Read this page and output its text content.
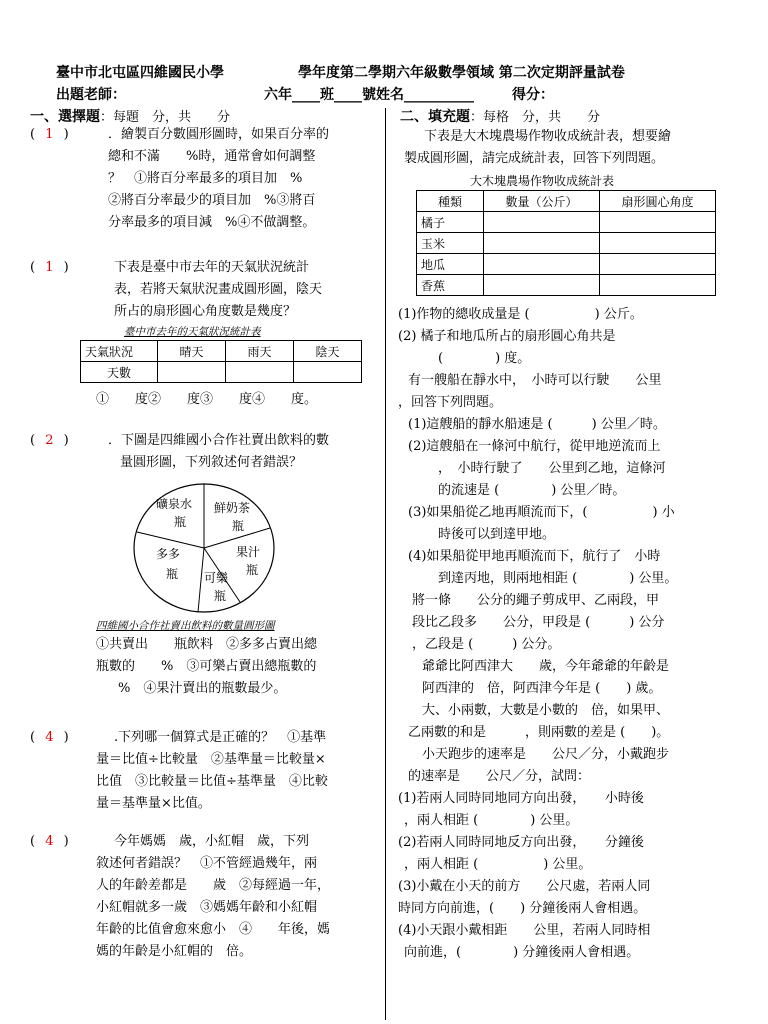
臺中市北屯區四維國民小學	學年度第二學期六年級數學領域 第二次定期評量試卷
出題老師：	六年____班____號姓名__________	得分：
一、選擇題：每題　分，共　　分
( 1 )	．繪製百分數圓形圖時，如果百分率的
總和不滿　　%時，通常會如何調整
？　①將百分率最多的項目加　%
②將百分率最少的項目加　%③將百
分率最多的項目減　%④不做調整。
( 1 )	下表是臺中市去年的天氣狀況統計
表，若將天氣狀況畫成圓形圖，陰天
所占的扇形圓心角度數是幾度？
臺中市去年的天氣狀況統計表
天氣狀況	晴天	雨天	陰天
天數			
①　　度②　　度③　　度④　　度。
( 2 )	．下圖是四維國小合作社賣出飲料的數
量圓形圖，下列敘述何者錯誤？
礦泉水
瓶
鮮奶茶
瓶
果汁
瓶
多多
瓶 可樂
瓶
四維國小合作社賣出飲料的數量圓形圖
①共賣出　　瓶飲料　②多多占賣出總
瓶數的　　%　③可樂占賣出總瓶數的
%　④果汁賣出的瓶數最少。
( 4 )	.下列哪一個算式是正確的？　①基準
量＝比值÷比較量　②基準量＝比較量×
比值　③比較量＝比值÷基準量　④比較
量＝基準量×比值。
( 4 )	今年媽媽　歲，小紅帽　歲，下列
敘述何者錯誤？　①不管經過幾年，兩
人的年齡差都是　　歲　②每經過一年，
小紅帽就多一歲　③媽媽年齡和小紅帽
年齡的比值會愈來愈小　④　　年後，媽
媽的年齡是小紅帽的　倍。
二、填充題：每格　分，共　　分
下表是大木塊農場作物收成統計表，想要繪
製成圓形圖，請完成統計表，回答下列問題。
大木塊農場作物收成統計表
種類	數量（公斤）	扇形圓心角度
橘子		
玉米		
地瓜		
香蕉		
(1)作物的總收成量是 (　　　　　) 公斤。
(2) 橘子和地瓜所占的扇形圓心角共是
(　　　　) 度。
有一艘船在靜水中，　小時可以行駛　　公里
，回答下列問題。
(1)這艘船的靜水船速是 (　　　) 公里／時。
(2)這艘船在一條河中航行，從甲地逆流而上
，　小時行駛了　　公里到乙地，這條河
的流速是 (　　　　) 公里／時。
(3)如果船從乙地再順流而下，(　　　　　) 小
時後可以到達甲地。
(4)如果船從甲地再順流而下，航行了　小時
到達丙地，則兩地相距 (　　　　) 公里。
將一條　　公分的繩子剪成甲、乙兩段，甲
段比乙段多　　公分，甲段是 (　　　) 公分
，乙段是 (　　　) 公分。
爺爺比阿西津大　　歲，今年爺爺的年齡是
阿西津的　倍，阿西津今年是 (　　) 歲。
大、小兩數，大數是小數的　倍，如果甲、
乙兩數的和是　　　，則兩數的差是 (　　)。
小天跑步的速率是　　公尺／分，小戴跑步
的速率是　　公尺／分，試問：
(1)若兩人同時同地同方向出發，　　小時後
，兩人相距 (　　　　) 公里。
(2)若兩人同時同地反方向出發，　　分鐘後
，兩人相距 (　　　　　) 公里。
(3)小戴在小天的前方　　公尺處，若兩人同
時同方向前進，(　　) 分鐘後兩人會相遇。
(4)小天跟小戴相距　　公里，若兩人同時相
向前進，(　　　　) 分鐘後兩人會相遇。
